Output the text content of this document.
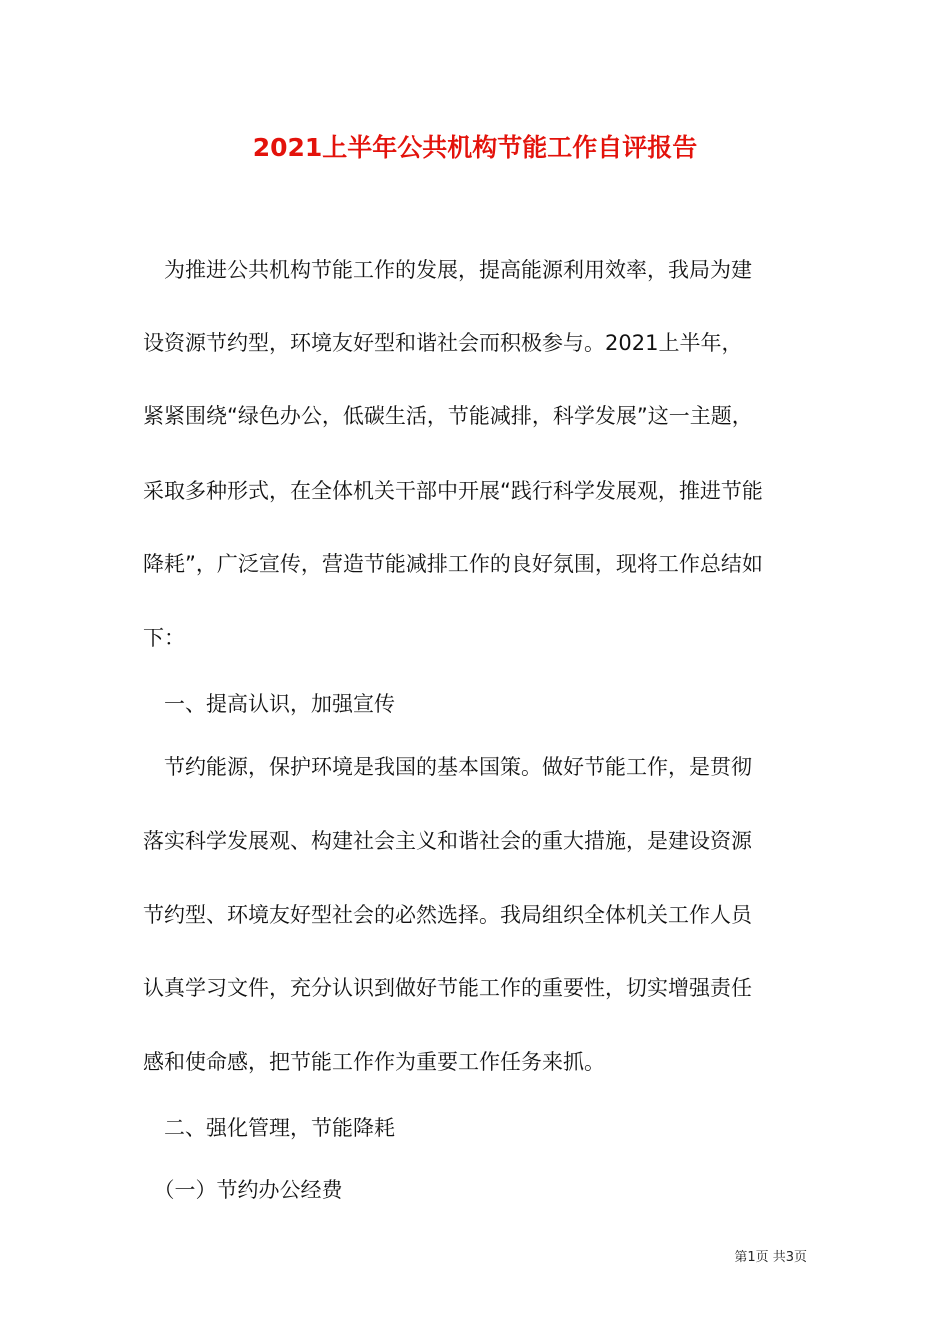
2021上半年公共机构节能工作自评报告
　为推进公共机构节能工作的发展，提高能源利用效率，我局为建
设资源节约型，环境友好型和谐社会而积极参与。2021上半年，
紧紧围绕“绿色办公，低碳生活，节能减排，科学发展”这一主题，
采取多种形式，在全体机关干部中开展“践行科学发展观，推进节能
降耗”，广泛宣传，营造节能减排工作的良好氛围，现将工作总结如
下：
　一、提高认识，加强宣传
　节约能源，保护环境是我国的基本国策。做好节能工作，是贯彻
落实科学发展观、构建社会主义和谐社会的重大措施，是建设资源
节约型、环境友好型社会的必然选择。我局组织全体机关工作人员
认真学习文件，充分认识到做好节能工作的重要性，切实增强责任
感和使命感，把节能工作作为重要工作任务来抓。
　二、强化管理，节能降耗
　（一）节约办公经费
第1页 共3页
